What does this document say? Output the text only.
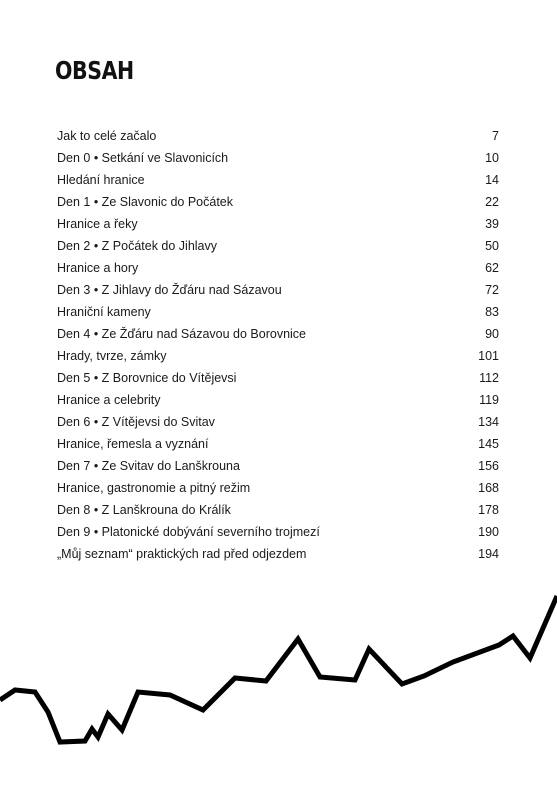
OBSAH
Jak to celé začalo	7
Den 0 • Setkání ve Slavonicích	10
Hledání hranice	14
Den 1 • Ze Slavonic do Počátek	22
Hranice a řeky	39
Den 2 • Z Počátek do Jihlavy	50
Hranice a hory	62
Den 3 • Z Jihlavy do Žďáru nad Sázavou	72
Hraniční kameny	83
Den 4 • Ze Žďáru nad Sázavou do Borovnice	90
Hrady, tvrze, zámky	101
Den 5 • Z Borovnice do Vítějevsi	112
Hranice a celebrity	119
Den 6 • Z Vítějevsi do Svitav	134
Hranice, řemesla a vyznání	145
Den 7 • Ze Svitav do Lanškrouna	156
Hranice, gastronomie a pitný režim	168
Den 8 • Z Lanškrouna do Králík	178
Den 9 • Platonické dobývání severního trojmezí	190
„Můj seznam“ praktických rad před odjezdem	194
